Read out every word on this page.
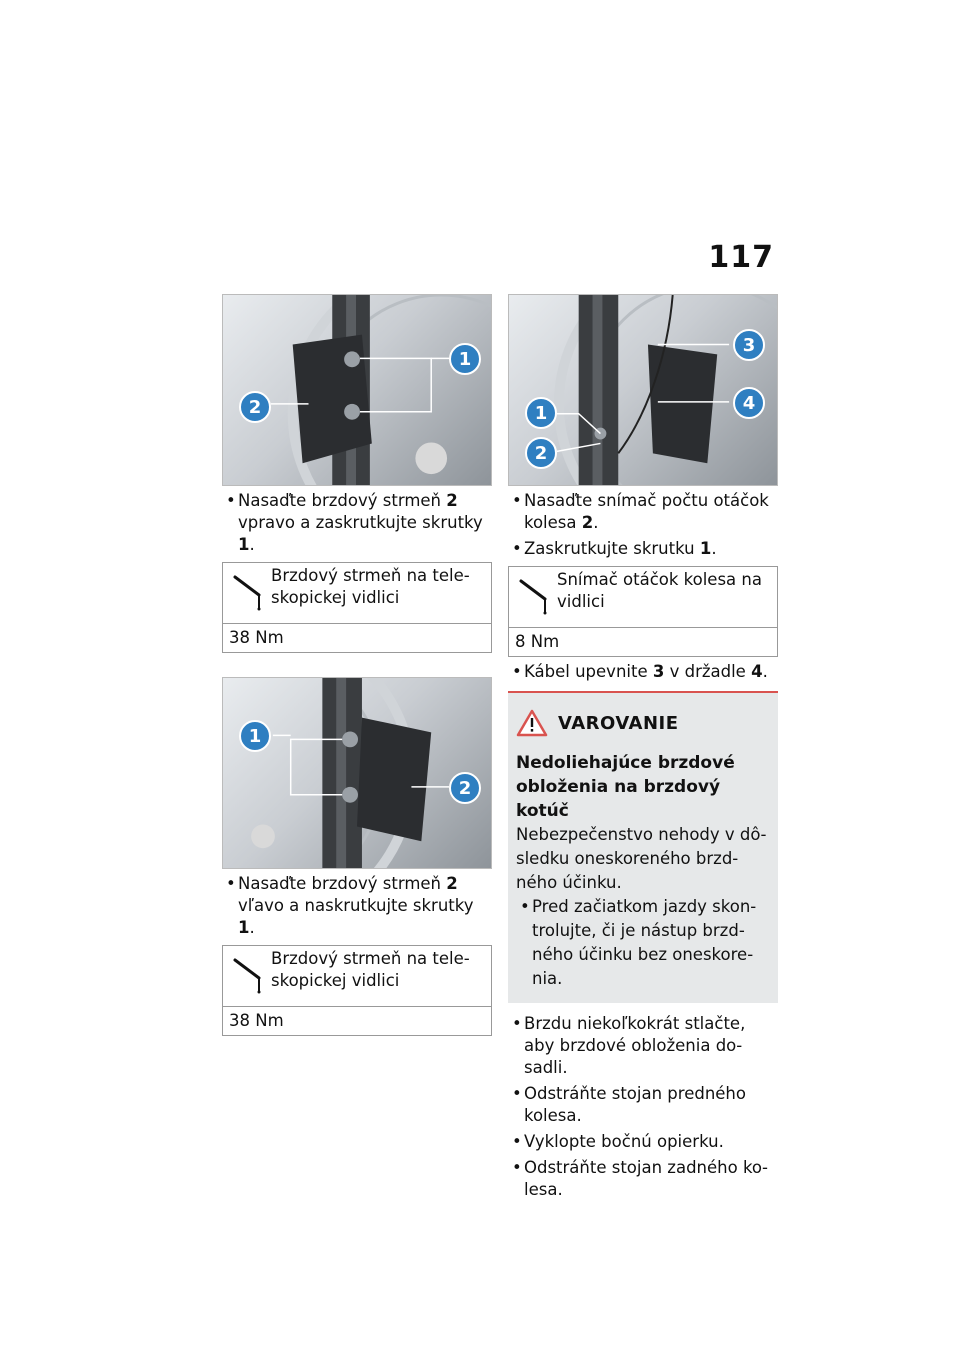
117
1
2
• Nasaďte brzdový strmeň 2 vpravo a zaskrutkujte skrutky 1.
Brzdový strmeň na teleskopickej vidlici
38 Nm
1
2
• Nasaďte brzdový strmeň 2 vľavo a naskrutkujte skrutky 1.
Brzdový strmeň na teleskopickej vidlici
38 Nm
1
2
3
4
• Nasaďte snímač počtu otáčok kolesa 2.
• Zaskrutkujte skrutku 1.
Snímač otáčok kolesa na vidlici
8 Nm
• Kábel upevnite 3 v držadle 4.
VAROVANIE
Nedoliehajúce brzdové obloženia na brzdový kotúč
Nebezpečenstvo nehody v dôsledku oneskoreného brzdného účinku.
• Pred začiatkom jazdy skontrolujte, či je nástup brzdného účinku bez oneskorenia.
• Brzdu niekoľkokrát stlačte, aby brzdové obloženia dosadli.
• Odstráňte stojan predného kolesa.
• Vyklopte bočnú opierku.
• Odstráňte stojan zadného kolesa.
